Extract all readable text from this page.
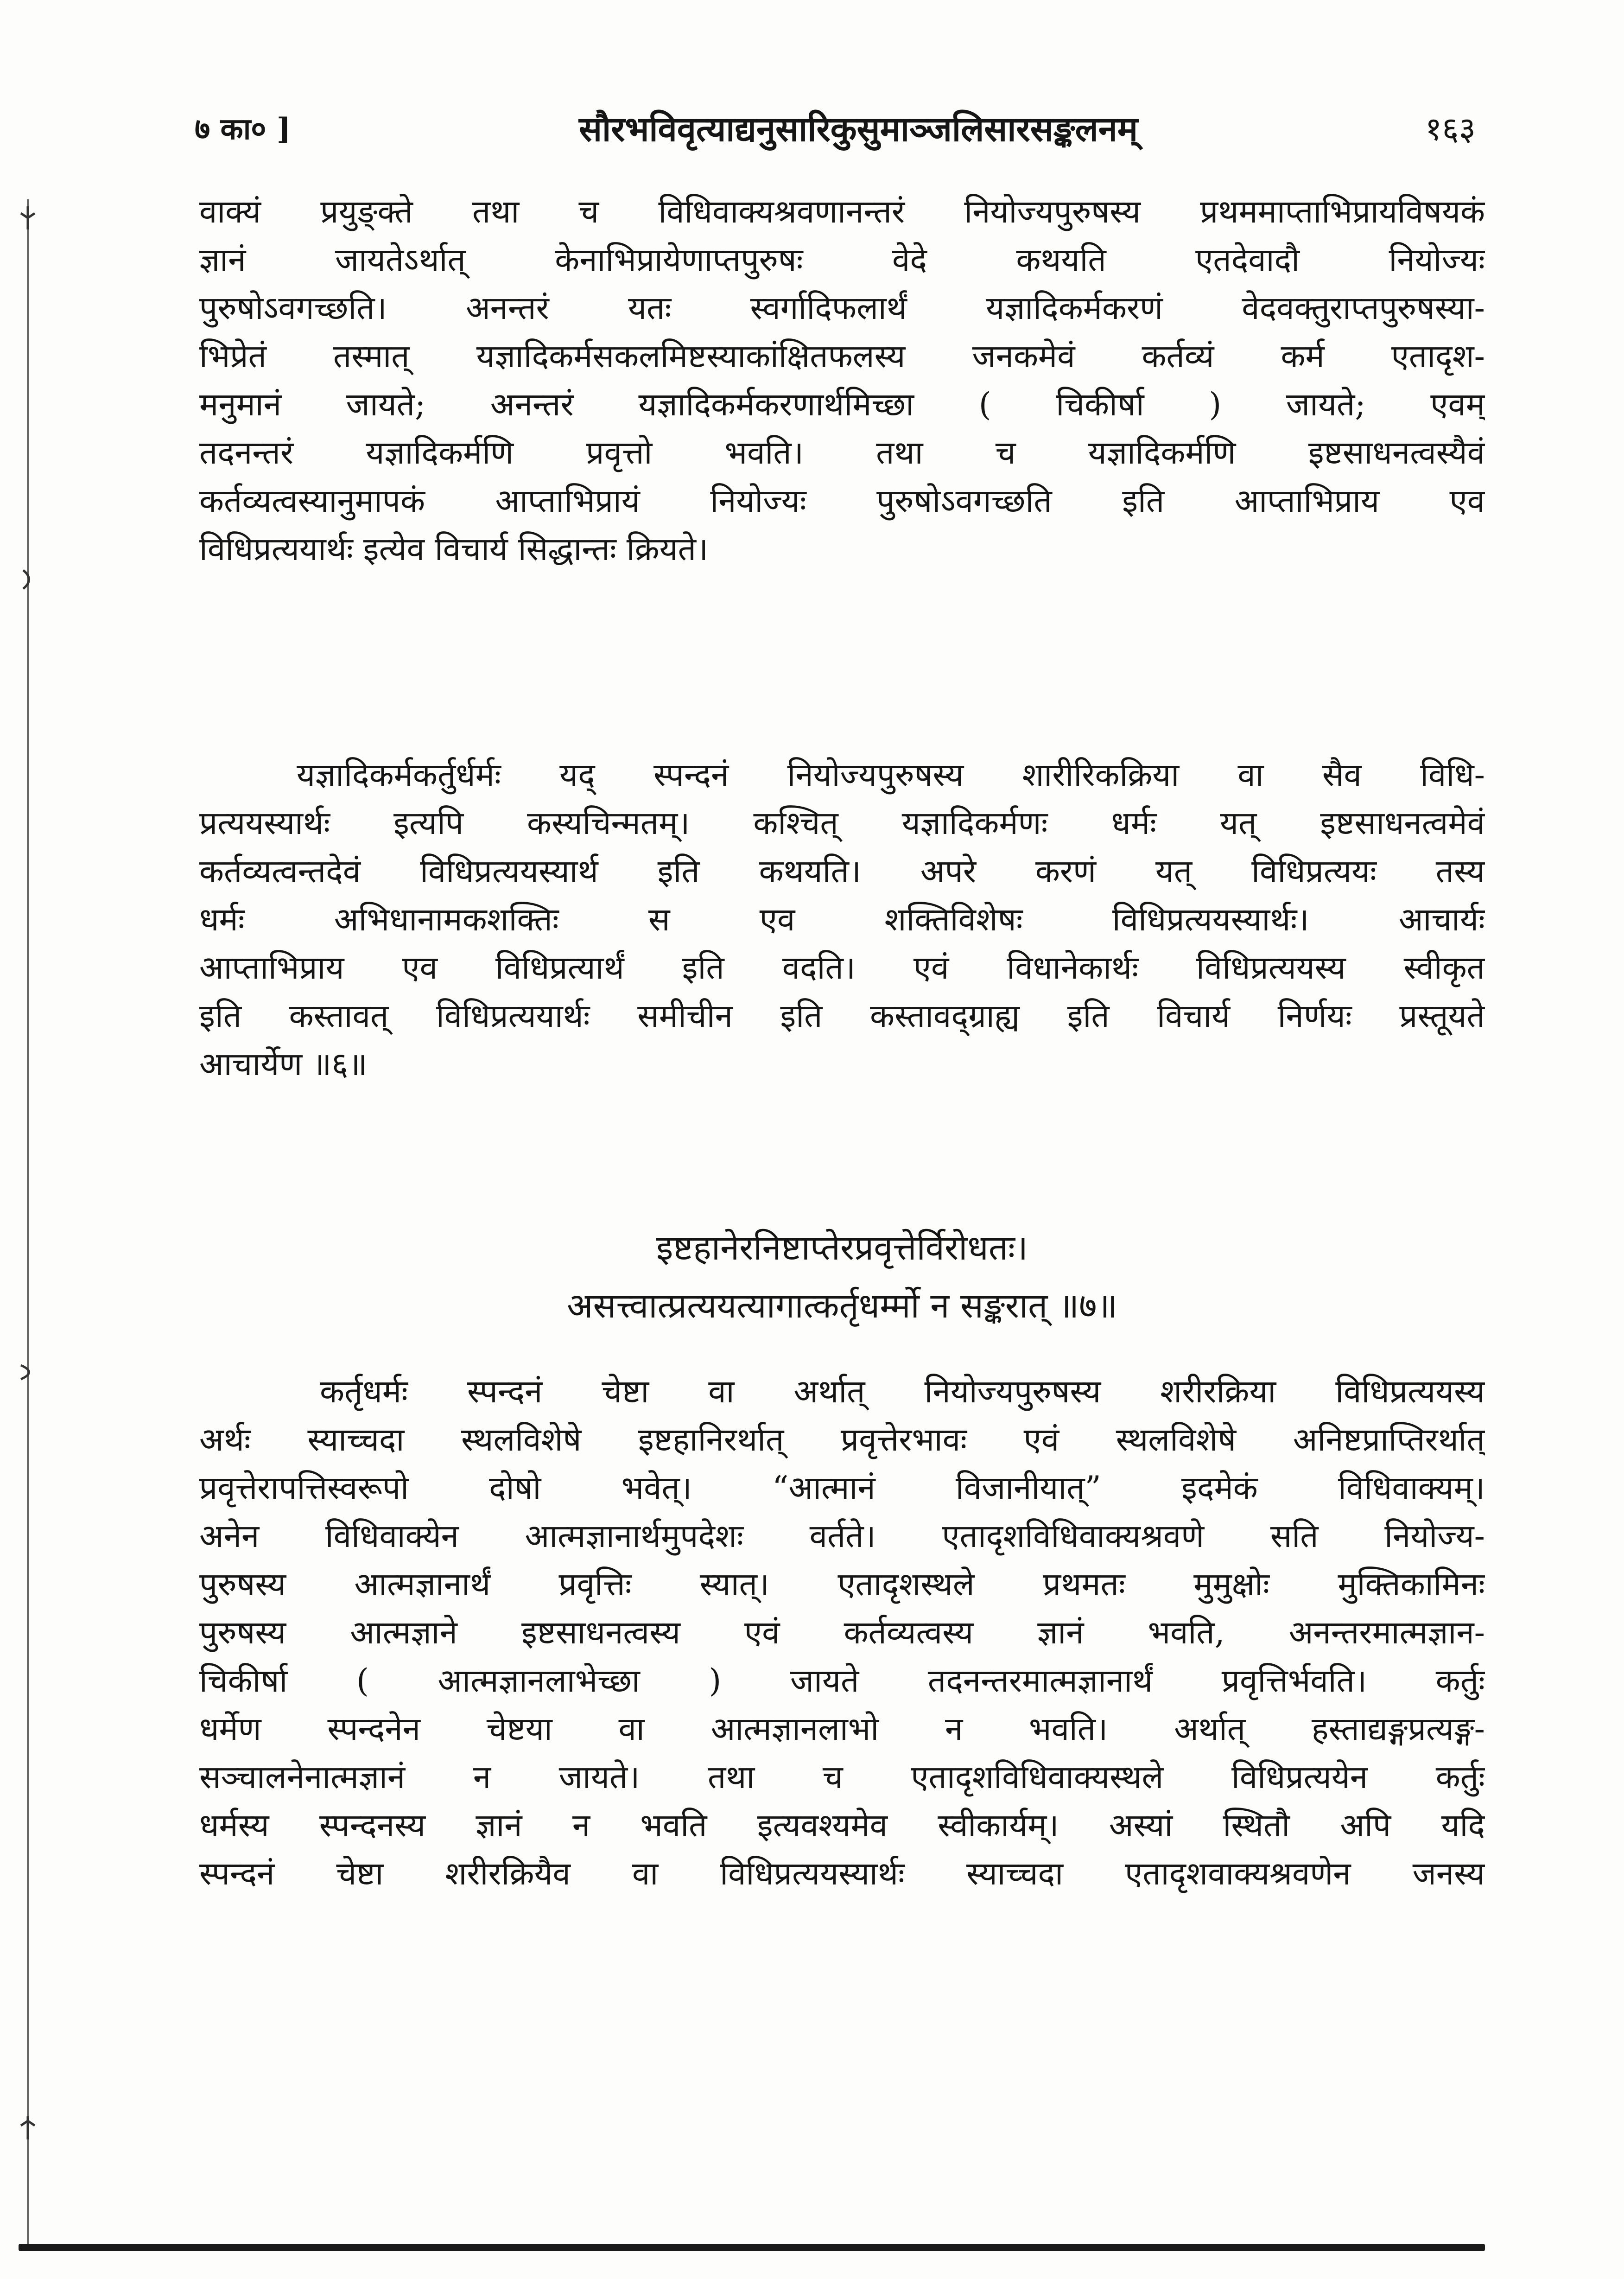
७ का० ]	सौरभविवृत्याद्यनुसारिकुसुमाञ्जलिसारसङ्कलनम्	१६३
वाक्यं प्रयुङ्क्ते तथा च विधिवाक्यश्रवणानन्तरं नियोज्यपुरुषस्य प्रथममाप्ताभिप्रायविषयकं
ज्ञानं जायतेऽर्थात् केनाभिप्रायेणाप्तपुरुषः वेदे कथयति एतदेवादौ नियोज्यः
पुरुषोऽवगच्छति। अनन्तरं यतः स्वर्गादिफलार्थं यज्ञादिकर्मकरणं वेदवक्तुराप्तपुरुषस्या-
भिप्रेतं तस्मात् यज्ञादिकर्मसकलमिष्टस्याकांक्षितफलस्य जनकमेवं कर्तव्यं कर्म एतादृश-
मनुमानं जायते; अनन्तरं यज्ञादिकर्मकरणार्थमिच्छा ( चिकीर्षा ) जायते; एवम्
तदनन्तरं यज्ञादिकर्मणि प्रवृत्तो भवति। तथा च यज्ञादिकर्मणि इष्टसाधनत्वस्यैवं
कर्तव्यत्वस्यानुमापकं आप्ताभिप्रायं नियोज्यः पुरुषोऽवगच्छति इति आप्ताभिप्राय एव
विधिप्रत्ययार्थः इत्येव विचार्य सिद्धान्तः क्रियते।
यज्ञादिकर्मकर्तुर्धर्मः यद् स्पन्दनं नियोज्यपुरुषस्य शारीरिकक्रिया वा सैव विधि-
प्रत्ययस्यार्थः इत्यपि कस्यचिन्मतम्। कश्चित् यज्ञादिकर्मणः धर्मः यत् इष्टसाधनत्वमेवं
कर्तव्यत्वन्तदेवं विधिप्रत्ययस्यार्थ इति कथयति। अपरे करणं यत् विधिप्रत्ययः तस्य
धर्मः अभिधानामकशक्तिः स एव शक्तिविशेषः विधिप्रत्ययस्यार्थः। आचार्यः
आप्ताभिप्राय एव विधिप्रत्यार्थं इति वदति। एवं विधानेकार्थः विधिप्रत्ययस्य स्वीकृत
इति कस्तावत् विधिप्रत्ययार्थः समीचीन इति कस्तावद्ग्राह्य इति विचार्य निर्णयः प्रस्तूयते
आचार्येण ॥६॥
इष्टहानेरनिष्टाप्तेरप्रवृत्तेर्विरोधतः।
असत्त्वात्प्रत्ययत्यागात्कर्तृधर्म्मो न सङ्करात् ॥७॥
कर्तृधर्मः स्पन्दनं चेष्टा वा अर्थात् नियोज्यपुरुषस्य शरीरक्रिया विधिप्रत्ययस्य
अर्थः स्याच्चदा स्थलविशेषे इष्टहानिरर्थात् प्रवृत्तेरभावः एवं स्थलविशेषे अनिष्टप्राप्तिरर्थात्
प्रवृत्तेरापत्तिस्वरूपो दोषो भवेत्। “आत्मानं विजानीयात्” इदमेकं विधिवाक्यम्।
अनेन विधिवाक्येन आत्मज्ञानार्थमुपदेशः वर्तते। एतादृशविधिवाक्यश्रवणे सति नियोज्य-
पुरुषस्य आत्मज्ञानार्थं प्रवृत्तिः स्यात्। एतादृशस्थले प्रथमतः मुमुक्षोः मुक्तिकामिनः
पुरुषस्य आत्मज्ञाने इष्टसाधनत्वस्य एवं कर्तव्यत्वस्य ज्ञानं भवति, अनन्तरमात्मज्ञान-
चिकीर्षा ( आत्मज्ञानलाभेच्छा ) जायते तदनन्तरमात्मज्ञानार्थं प्रवृत्तिर्भवति। कर्तुः
धर्मेण स्पन्दनेन चेष्टया वा आत्मज्ञानलाभो न भवति। अर्थात् हस्ताद्यङ्गप्रत्यङ्ग-
सञ्चालनेनात्मज्ञानं न जायते। तथा च एतादृशविधिवाक्यस्थले विधिप्रत्ययेन कर्तुः
धर्मस्य स्पन्दनस्य ज्ञानं न भवति इत्यवश्यमेव स्वीकार्यम्। अस्यां स्थितौ अपि यदि
स्पन्दनं चेष्टा शरीरक्रियैव वा विधिप्रत्ययस्यार्थः स्याच्चदा एतादृशवाक्यश्रवणेन जनस्य
